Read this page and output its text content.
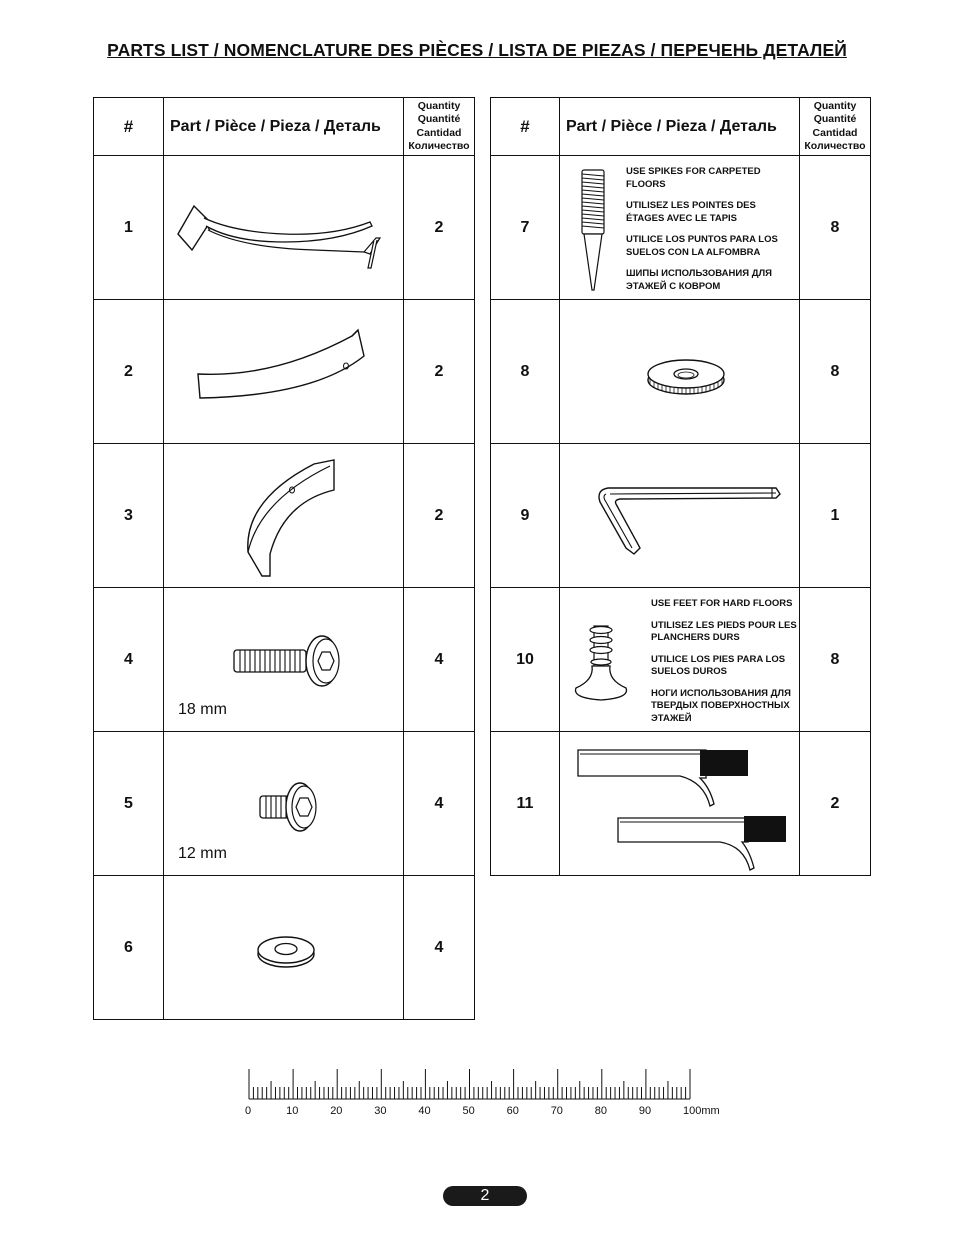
PARTS LIST / NOMENCLATURE DES PIÈCES / LISTA DE PIEZAS / ПЕРЕЧЕНЬ ДЕТАЛЕЙ
#	Part / Pièce / Pieza / Деталь	Quantity
Quantité
Cantidad
Количество

1		2
2		2
3		2
4	18 mm	4
5	12 mm	4
6		4
#	Part / Pièce / Pieza / Деталь	Quantity
Quantité
Cantidad
Количество

7	USE SPIKES FOR CARPETED FLOORS
UTILISEZ LES POINTES DES ÉTAGES AVEC LE TAPIS
UTILICE LOS PUNTOS PARA LOS SUELOS CON LA ALFOMBRA
ШИПЫ ИСПОЛЬЗОВАНИЯ ДЛЯ ЭТАЖЕЙ С КОВРОМ	8
8		8
9		1
10	USE FEET FOR HARD FLOORS
UTILISEZ LES PIEDS POUR LES PLANCHERS DURS
UTILICE LOS PIES PARA LOS SUELOS DUROS
НОГИ ИСПОЛЬЗОВАНИЯ ДЛЯ ТВЕРДЫХ ПОВЕРХНОСТНЫХ ЭТАЖЕЙ	8
11		2
0	10	20	30	40	50	60	70	80	90	100mm
2
